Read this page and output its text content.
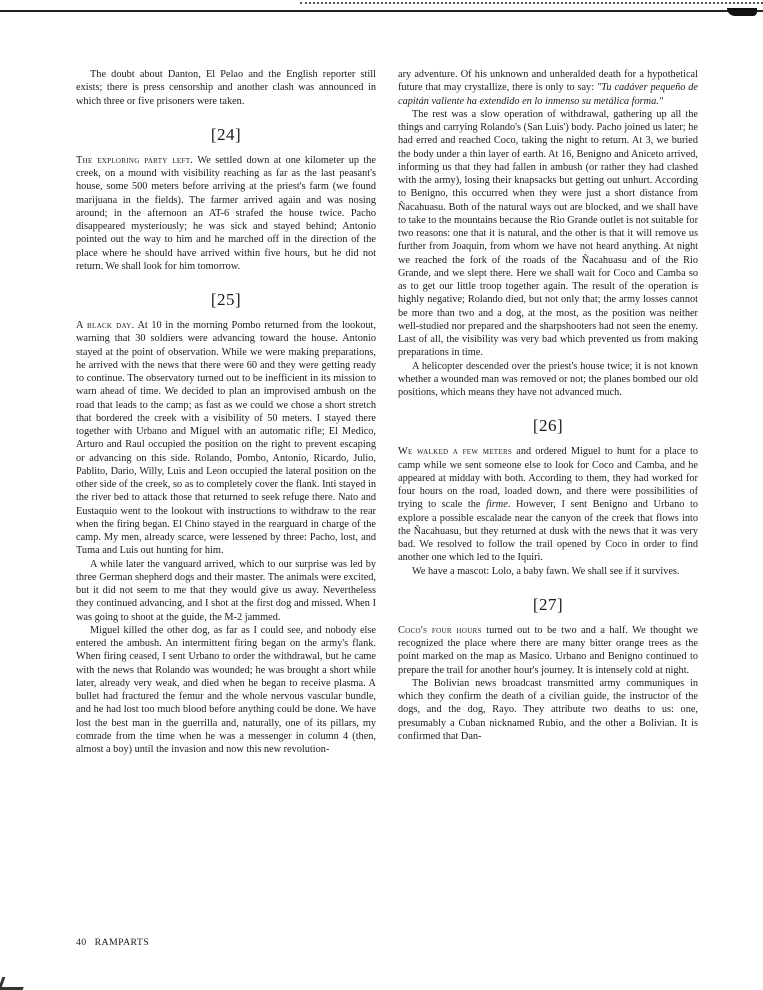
The doubt about Danton, El Pelao and the English reporter still exists; there is press censorship and another clash was announced in which three or five prisoners were taken.

[24]

The exploring party left. We settled down at one kilometer up the creek, on a mound with visibility reaching as far as the last peasant's house, some 500 meters before arriving at the priest's farm (we found marijuana in the fields). The farmer arrived again and was nosing around; in the afternoon an AT-6 strafed the house twice. Pacho disappeared mysteriously; he was sick and stayed behind; Antonio pointed out the way to him and he marched off in the direction of the place where he should have arrived within five hours, but he did not return. We shall look for him tomorrow.

[25]

A black day. At 10 in the morning Pombo returned from the lookout, warning that 30 soldiers were advancing toward the house. Antonio stayed at the point of observation. While we were making preparations, he arrived with the news that there were 60 and they were getting ready to continue. The observatory turned out to be inefficient in its mission to warn ahead of time. We decided to plan an improvised ambush on the road that leads to the camp; as fast as we could we chose a short stretch that bordered the creek with a visibility of 50 meters. I stayed there together with Urbano and Miguel with an automatic rifle; El Medico, Arturo and Raul occupied the position on the right to prevent escaping or advancing on this side. Rolando, Pombo, Antonio, Ricardo, Julio, Pablito, Dario, Willy, Luis and Leon occupied the lateral position on the other side of the creek, so as to completely cover the flank. Inti stayed in the river bed to attack those that returned to seek refuge there. Nato and Eustaquio went to the lookout with instructions to withdraw to the rear when the firing began. El Chino stayed in the rearguard in charge of the camp. My men, already scarce, were lessened by three: Pacho, lost, and Tuma and Luis out hunting for him.

A while later the vanguard arrived, which to our surprise was led by three German shepherd dogs and their master. The animals were excited, but it did not seem to me that they would give us away. Nevertheless they continued advancing, and I shot at the first dog and missed. When I was going to shoot at the guide, the M-2 jammed.

Miguel killed the other dog, as far as I could see, and nobody else entered the ambush. An intermittent firing began on the army's flank. When firing ceased, I sent Urbano to order the withdrawal, but he came with the news that Rolando was wounded; he was brought a short while later, already very weak, and died when he began to receive plasma. A bullet had fractured the femur and the whole nervous vascular bundle, and he had lost too much blood before anything could be done. We have lost the best man in the guerrilla and, naturally, one of its pillars, my comrade from the time when he was a messenger in column 4 (then, almost a boy) until the invasion and now this new revolution-

ary adventure. Of his unknown and unheralded death for a hypothetical future that may crystallize, there is only to say: "Tu cadáver pequeño de capitán valiente ha extendido en lo inmenso su metálica forma."

The rest was a slow operation of withdrawal, gathering up all the things and carrying Rolando's (San Luis') body. Pacho joined us later; he had erred and reached Coco, taking the night to return. At 3, we buried the body under a thin layer of earth. At 16, Benigno and Aniceto arrived, informing us that they had fallen in ambush (or rather they had clashed with the army), losing their knapsacks but getting out unhurt. According to Benigno, this occurred when they were just a short distance from Ñacahuasu. Both of the natural ways out are blocked, and we shall have to take to the mountains because the Rio Grande outlet is not suitable for two reasons: one that it is natural, and the other is that it will remove us further from Joaquin, from whom we have not heard anything. At night we reached the fork of the roads of the Ñacahuasu and of the Rio Grande, and we slept there. Here we shall wait for Coco and Camba so as to get our little troop together again. The result of the operation is highly negative; Rolando died, but not only that; the army losses cannot be more than two and a dog, at the most, as the position was neither well-studied nor prepared and the sharpshooters had not seen the enemy. Last of all, the visibility was very bad which prevented us from making preparations in time.

A helicopter descended over the priest's house twice; it is not known whether a wounded man was removed or not; the planes bombed our old positions, which means they have not advanced much.

[26]

We walked a few meters and ordered Miguel to hunt for a place to camp while we sent someone else to look for Coco and Camba, and he appeared at midday with both. According to them, they had worked for four hours on the road, loaded down, and there were possibilities of trying to scale the firme. However, I sent Benigno and Urbano to explore a possible escalade near the canyon of the creek that flows into the Ñacahuasu, but they returned at dusk with the news that it was very bad. We resolved to follow the trail opened by Coco in order to find another one which led to the Iquiri.

We have a mascot: Lolo, a baby fawn. We shall see if it survives.

[27]

Coco's four hours turned out to be two and a half. We thought we recognized the place where there are many bitter orange trees as the point marked on the map as Masico. Urbano and Benigno continued to prepare the trail for another hour's journey. It is intensely cold at night.

The Bolivian news broadcast transmitted army communiques in which they confirm the death of a civilian guide, the instructor of the dogs, and the dog, Rayo. They attribute two deaths to us: one, presumably a Cuban nicknamed Rubio, and the other a Bolivian. It is confirmed that Dan-

40 RAMPARTS
